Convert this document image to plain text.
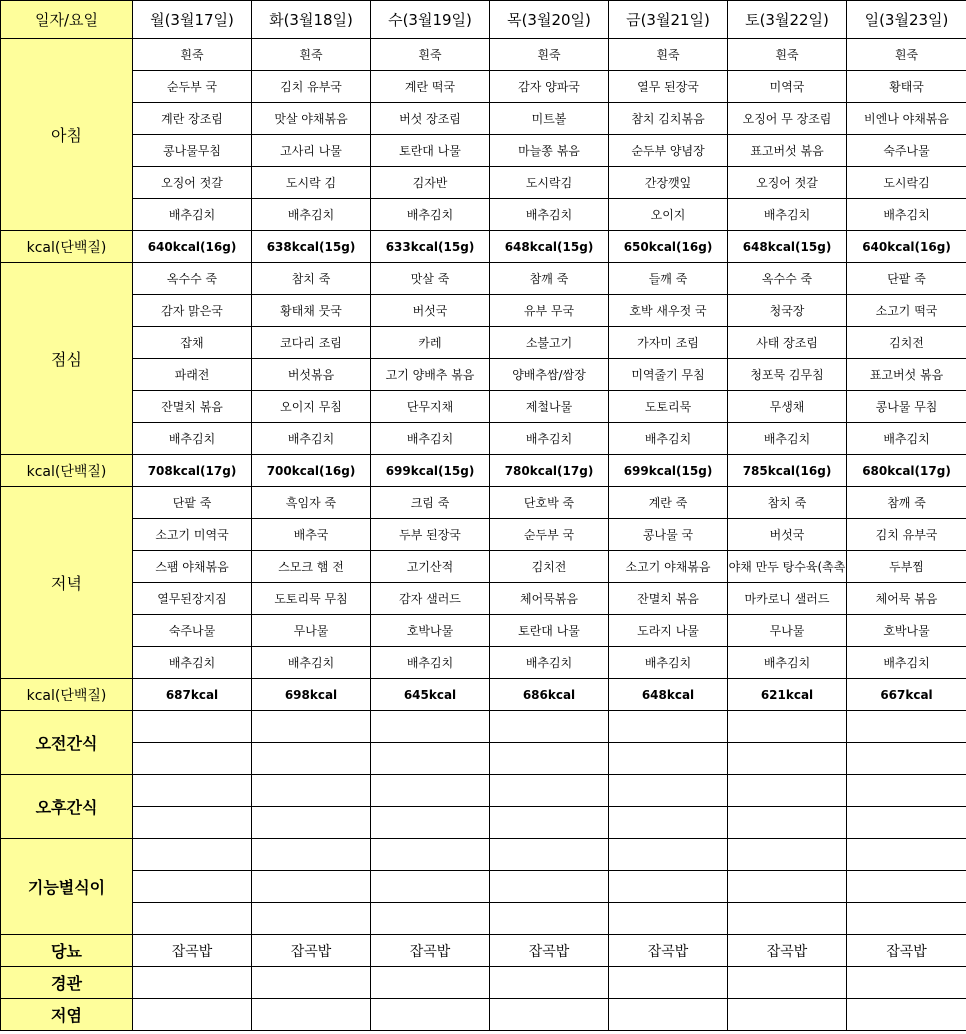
일자/요일	월(3월17일)	화(3월18일)	수(3월19일)	목(3월20일)	금(3월21일)	토(3월22일)	일(3월23일)
아침	흰죽	흰죽	흰죽	흰죽	흰죽	흰죽	흰죽
	순두부 국	김치 유부국	계란 떡국	감자 양파국	열무 된장국	미역국	황태국
	계란 장조림	맛살 야채볶음	버섯 장조림	미트볼	참치 김치볶음	오징어 무 장조림	비엔나 야채볶음
	콩나물무침	고사리 나물	토란대 나물	마늘쫑 볶음	순두부 양념장	표고버섯 볶음	숙주나물
	오징어 젓갈	도시락 김	김자반	도시락김	간장깻잎	오징어 젓갈	도시락김
	배추김치	배추김치	배추김치	배추김치	오이지	배추김치	배추김치
kcal(단백질)	640kcal(16g)	638kcal(15g)	633kcal(15g)	648kcal(15g)	650kcal(16g)	648kcal(15g)	640kcal(16g)
점심	옥수수 죽	참치 죽	맛살 죽	참깨 죽	들깨 죽	옥수수 죽	단팥 죽
	감자 맑은국	황태채 뭇국	버섯국	유부 무국	호박 새우젓 국	청국장	소고기 떡국
	잡채	코다리 조림	카레	소불고기	가자미 조림	사태 장조림	김치전
	파래전	버섯볶음	고기 양배추 볶음	양배추쌈/쌈장	미역줄기 무침	청포묵 김무침	표고버섯 볶음
	잔멸치 볶음	오이지 무침	단무지채	제철나물	도토리묵	무생채	콩나물 무침
	배추김치	배추김치	배추김치	배추김치	배추김치	배추김치	배추김치
kcal(단백질)	708kcal(17g)	700kcal(16g)	699kcal(15g)	780kcal(17g)	699kcal(15g)	785kcal(16g)	680kcal(17g)
저녁	단팥 죽	흑임자 죽	크림 죽	단호박 죽	계란 죽	참치 죽	참깨 죽
	소고기 미역국	배추국	두부 된장국	순두부 국	콩나물 국	버섯국	김치 유부국
	스팸 야채볶음	스모크 햄 전	고기산적	김치전	소고기 야채볶음	야채 만두 탕수육(촉촉	두부찜
	열무된장지짐	도토리묵 무침	감자 샐러드	체어묵볶음	잔멸치 볶음	마카로니 샐러드	체어묵 볶음
	숙주나물	무나물	호박나물	토란대 나물	도라지 나물	무나물	호박나물
	배추김치	배추김치	배추김치	배추김치	배추김치	배추김치	배추김치
kcal(단백질)	687kcal	698kcal	645kcal	686kcal	648kcal	621kcal	667kcal
오전간식							

오후간식							

기능별식이							

당뇨	잡곡밥	잡곡밥	잡곡밥	잡곡밥	잡곡밥	잡곡밥	잡곡밥
경관							
저염							
